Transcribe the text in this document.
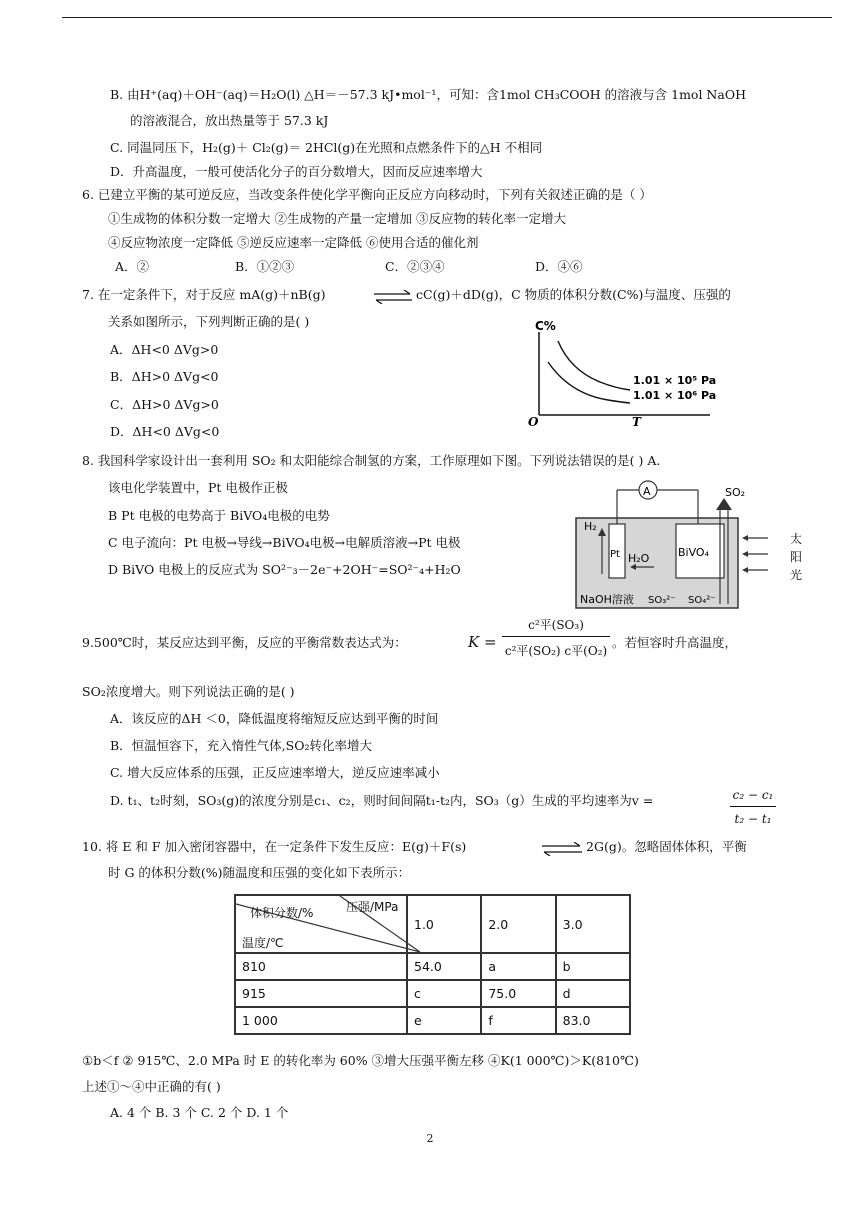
B. 由H⁺(aq)＋OH⁻(aq)＝H₂O(l) △H＝－57.3 kJ•mol⁻¹，可知：含1mol CH₃COOH 的溶液与含 1mol NaOH
的溶液混合，放出热量等于 57.3 kJ
C. 同温同压下，H₂(g)＋ Cl₂(g)＝ 2HCl(g)在光照和点燃条件下的△H 不相同
D．升高温度，一般可使活化分子的百分数增大，因而反应速率增大
6. 已建立平衡的某可逆反应，当改变条件使化学平衡向正反应方向移动时，下列有关叙述正确的是（ ）
①生成物的体积分数一定增大 ②生成物的产量一定增加 ③反应物的转化率一定增大
④反应物浓度一定降低 ⑤逆反应速率一定降低 ⑥使用合适的催化剂
A．②	B．①②③	C．②③④	D．④⑥
7. 在一定条件下，对于反应 mA(g)＋nB(g)	⇌ cC(g)＋dD(g)，C 物质的体积分数(C%)与温度、压强的
关系如图所示，下列判断正确的是( )
A．ΔH<0 ΔVg>0
B．ΔH>0 ΔVg<0
C．ΔH>0 ΔVg>0
D．ΔH<0 ΔVg<0
C%
T
O
1.01 × 10⁵ Pa
1.01 × 10⁶ Pa
8. 我国科学家设计出一套利用 SO₂ 和太阳能综合制氢的方案，工作原理如下图。下列说法错误的是( ) A.
该电化学装置中，Pt 电极作正极
B Pt 电极的电势高于 BiVO₄电极的电势
C 电子流向：Pt 电极→导线→BiVO₄电极→电解质溶液→Pt 电极
D BiVO 电极上的反应式为 SO²⁻₃－2e⁻+2OH⁻=SO²⁻₄+H₂O
A
Pt	BiVO₄
H₂
H₂O
SO₂
NaOH溶液 SO₃²⁻ SO₄²⁻
太
阳
光
9.500℃时，某反应达到平衡，反应的平衡常数表达式为：	K =
c²平(SO₃)
c²平(SO₂) c平(O₂)
。若恒容时升高温度，
SO₂浓度增大。则下列说法正确的是( )
A．该反应的ΔH ＜0，降低温度将缩短反应达到平衡的时间
B．恒温恒容下，充入惰性气体,SO₂转化率增大
C. 增大反应体系的压强，正反应速率增大，逆反应速率减小
D. t₁、t₂时刻，SO₃(g)的浓度分别是c₁、c₂，则时间间隔t₁-t₂内，SO₃（g）生成的平均速率为v =	c₂ − c₁
t₂ − t₁
10. 将 E 和 F 加入密闭容器中，在一定条件下发生反应：E(g)＋F(s)	⇌ 2G(g)。忽略固体体积，平衡
时 G 的体积分数(%)随温度和压强的变化如下表所示：
体积分数/% 压强/MPa
温度/℃	1.0	2.0	3.0
810	54.0	a	b
915	c	75.0	d
1 000	e	f	83.0
①b＜f ② 915℃、2.0 MPa 时 E 的转化率为 60% ③增大压强平衡左移 ④K(1 000℃)＞K(810℃)
上述①～④中正确的有( )
A. 4 个 B. 3 个 C. 2 个 D. 1 个
2
